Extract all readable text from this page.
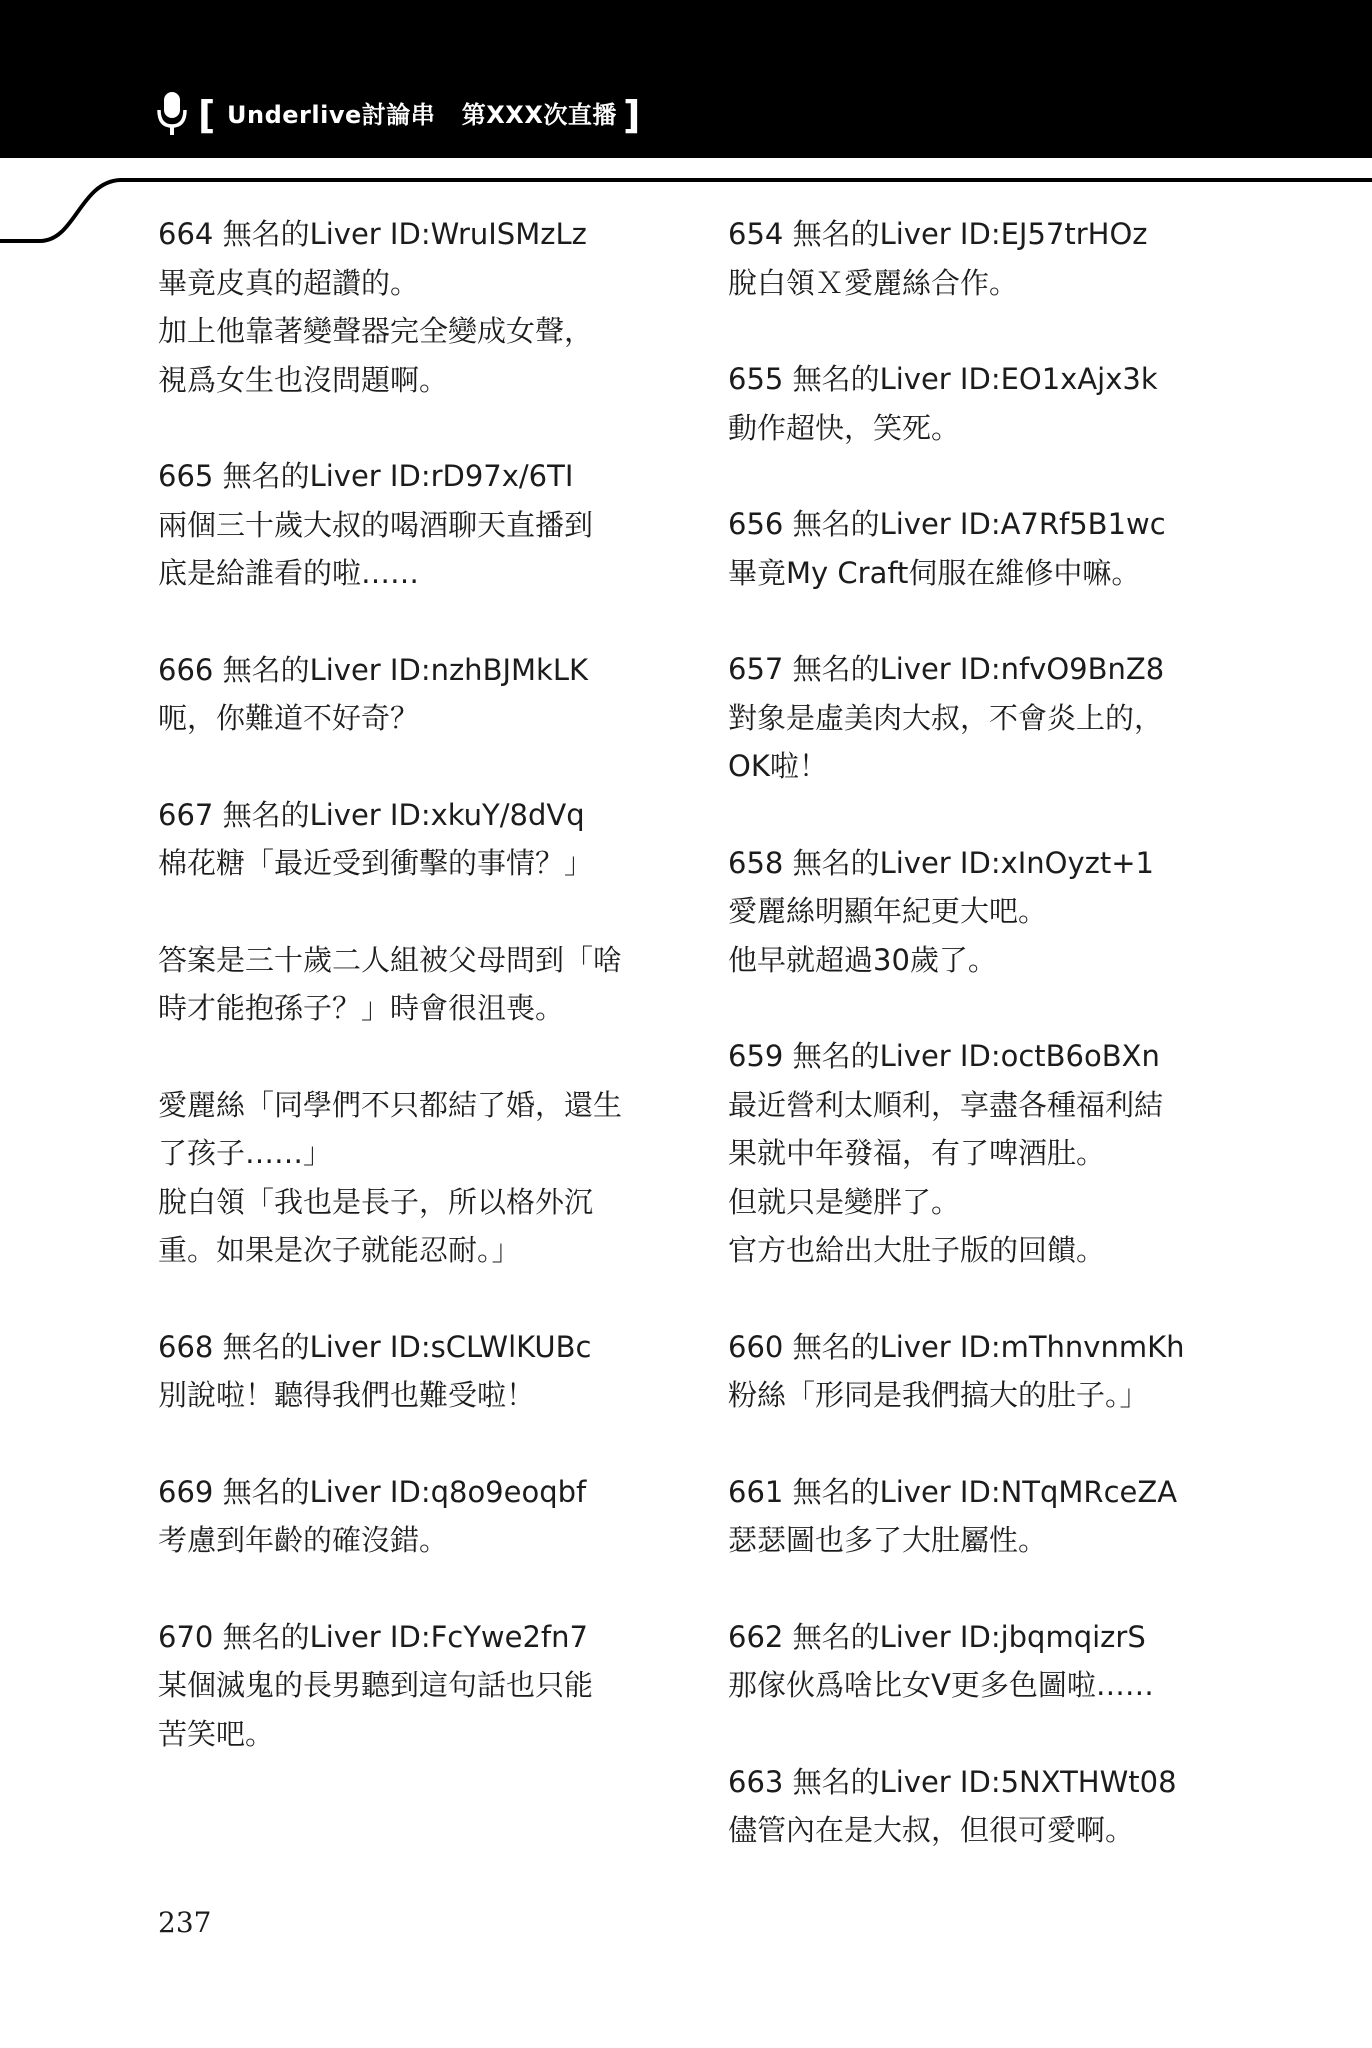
[ Underlive討論串   第XXX次直播 ]	..... XXX delivery

664 無名的Liver ID:WruISMzLz

畢竟皮真的超讚的。

加上他靠著變聲器完全變成女聲，

視爲女生也沒問題啊。

665 無名的Liver ID:rD97x/6TI

兩個三十歲大叔的喝酒聊天直播到

底是給誰看的啦……

666 無名的Liver ID:nzhBJMkLK

呃，你難道不好奇？

667 無名的Liver ID:xkuY/8dVq

棉花糖「最近受到衝擊的事情？」

答案是三十歲二人組被父母問到「啥

時才能抱孫子？」時會很沮喪。

愛麗絲「同學們不只都結了婚，還生

了孩子……」

脫白領「我也是長子，所以格外沉

重。如果是次子就能忍耐。」

668 無名的Liver ID:sCLWlKUBc

別說啦！聽得我們也難受啦！

669 無名的Liver ID:q8o9eoqbf

考慮到年齡的確沒錯。

670 無名的Liver ID:FcYwe2fn7

某個滅鬼的長男聽到這句話也只能

苦笑吧。

654 無名的Liver ID:EJ57trHOz

脫白領Ｘ愛麗絲合作。

655 無名的Liver ID:EO1xAjx3k

動作超快，笑死。

656 無名的Liver ID:A7Rf5B1wc

畢竟My Craft伺服在維修中嘛。

657 無名的Liver ID:nfvO9BnZ8

對象是虛美肉大叔，不會炎上的，

OK啦！

658 無名的Liver ID:xInOyzt+1

愛麗絲明顯年紀更大吧。

他早就超過30歲了。

659 無名的Liver ID:octB6oBXn

最近營利太順利，享盡各種福利結

果就中年發福，有了啤酒肚。

但就只是變胖了。

官方也給出大肚子版的回饋。

660 無名的Liver ID:mThnvnmKh

粉絲「形同是我們搞大的肚子。」

661 無名的Liver ID:NTqMRceZA

瑟瑟圖也多了大肚屬性。

662 無名的Liver ID:jbqmqizrS

那傢伙爲啥比女V更多色圖啦……

663 無名的Liver ID:5NXTHWt08

儘管內在是大叔，但很可愛啊。

237
